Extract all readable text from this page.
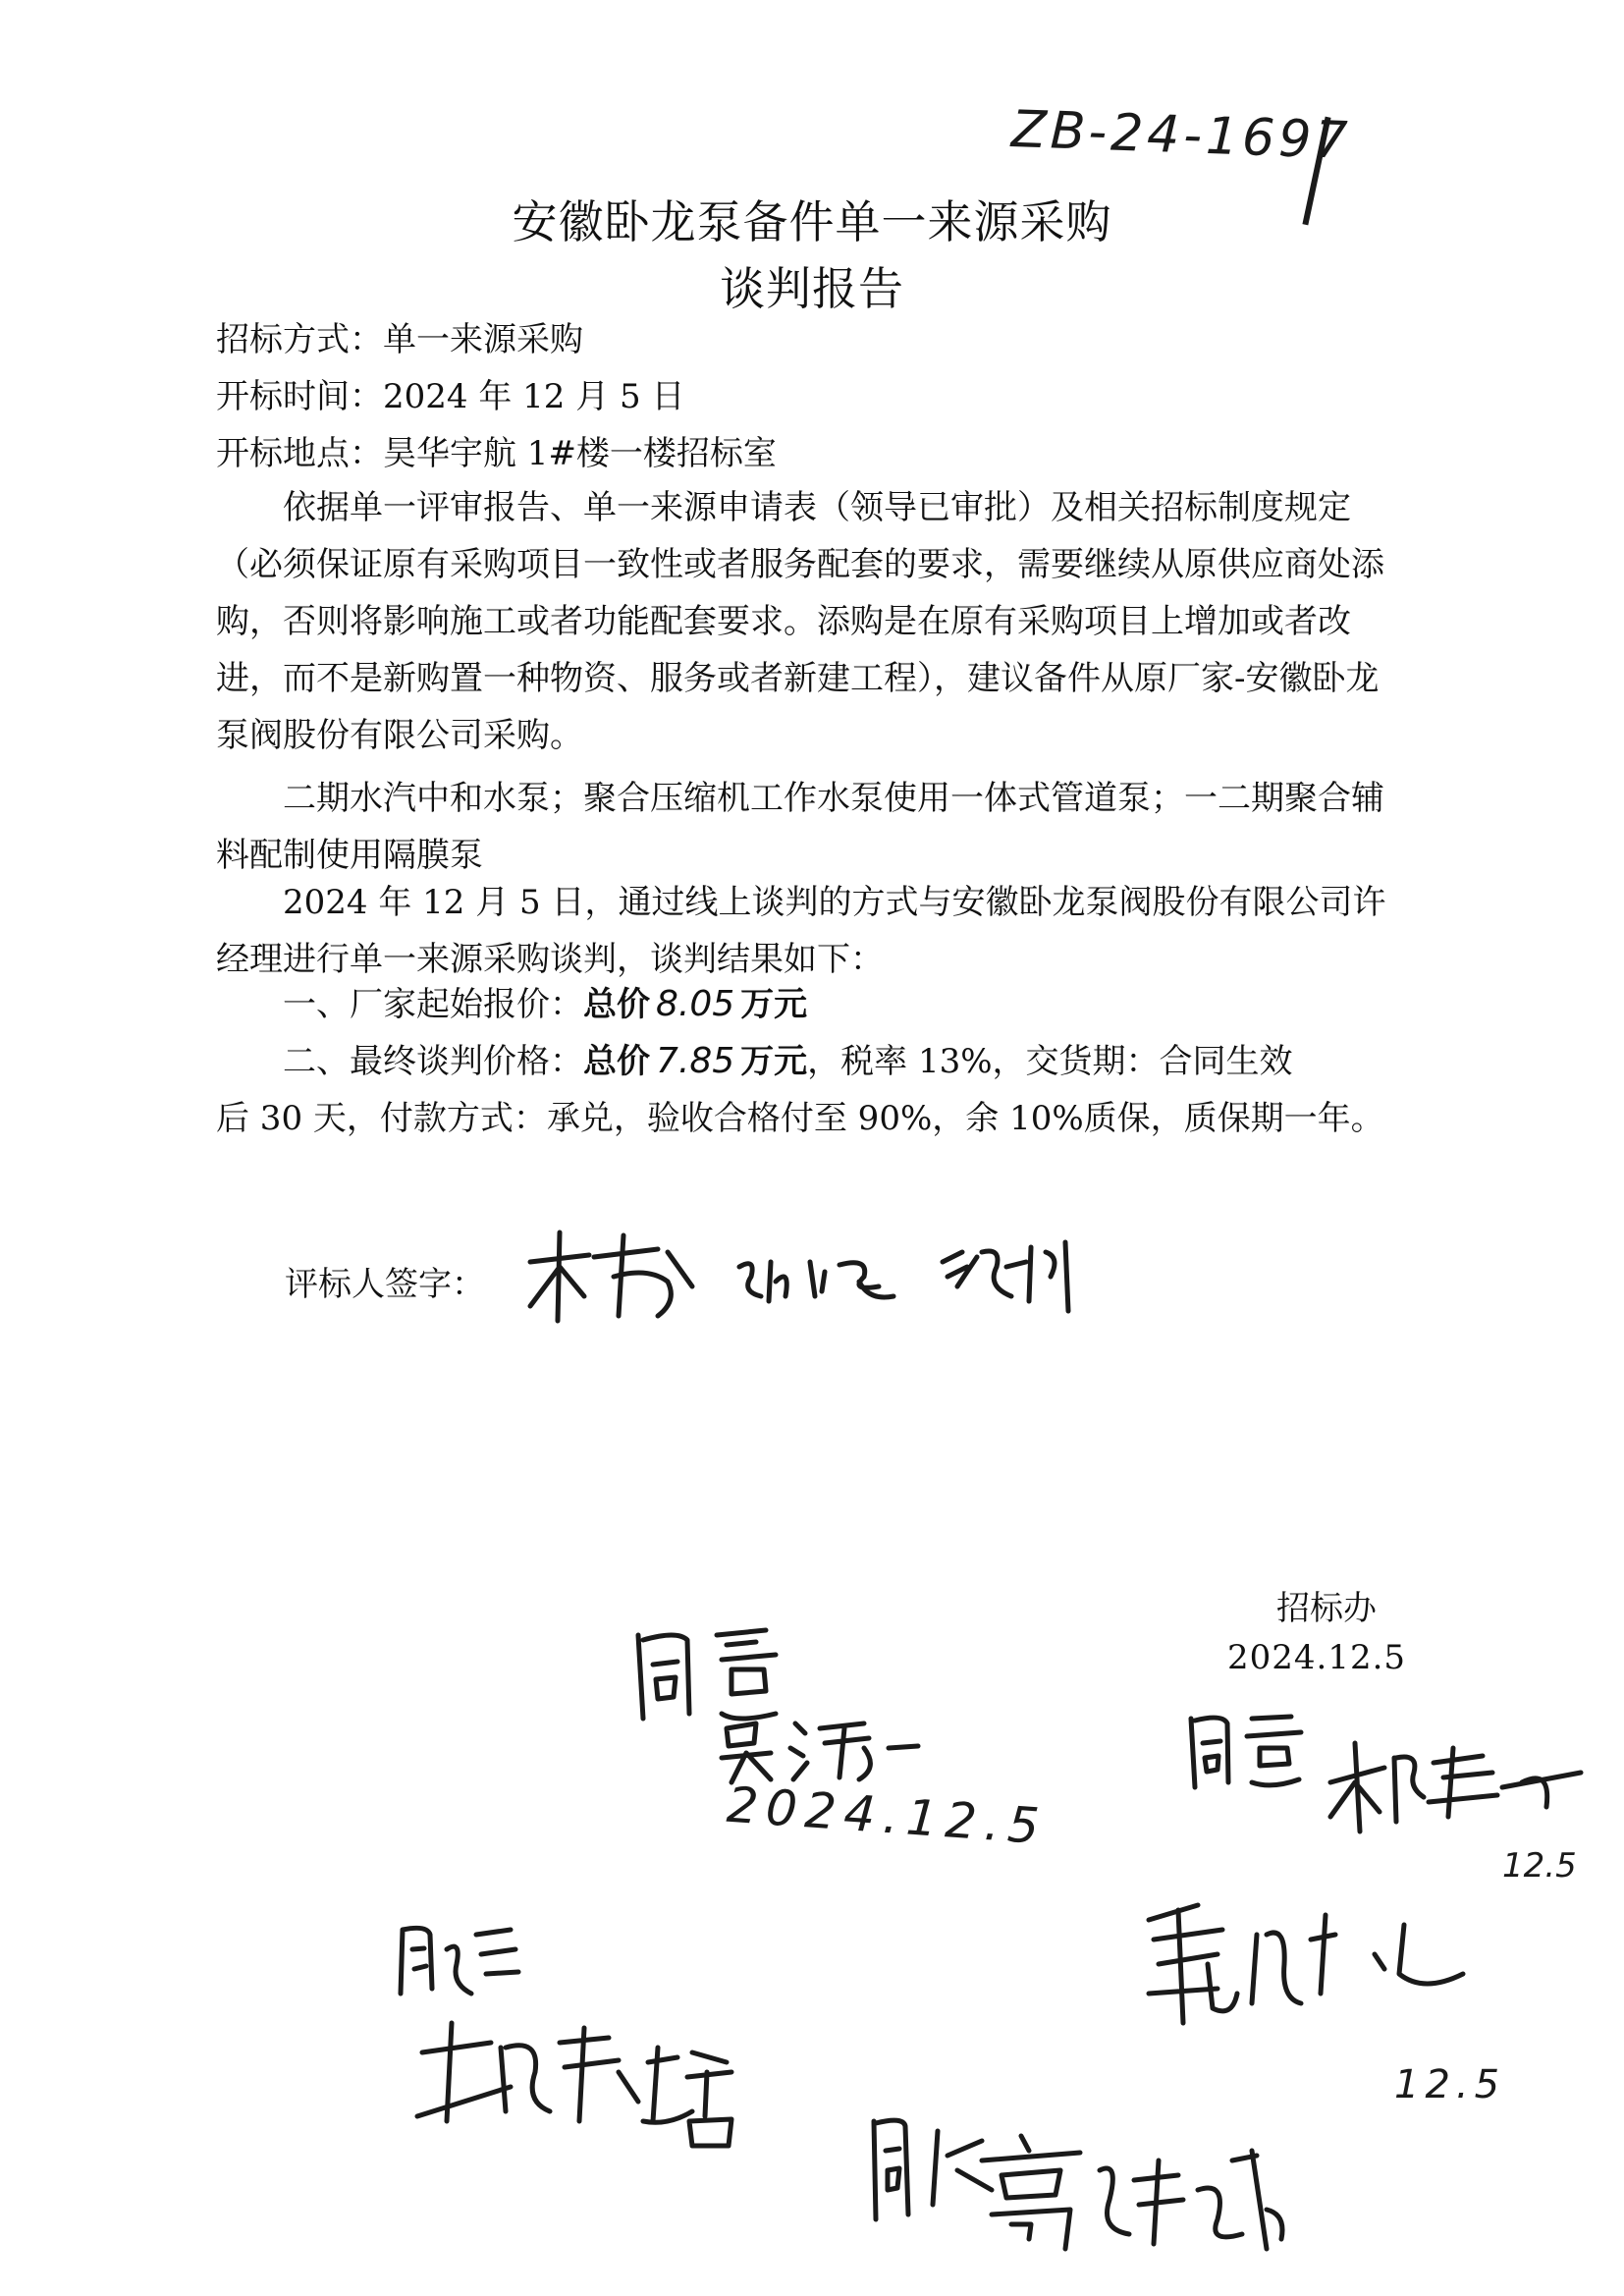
ZB-24-1697
安徽卧龙泵备件单一来源采购
谈判报告
招标方式：单一来源采购
开标时间：2024 年 12 月 5 日
开标地点：昊华宇航 1#楼一楼招标室
依据单一评审报告、单一来源申请表（领导已审批）及相关招标制度规定（必须保证原有采购项目一致性或者服务配套的要求，需要继续从原供应商处添购，否则将影响施工或者功能配套要求。添购是在原有采购项目上增加或者改进，而不是新购置一种物资、服务或者新建工程），建议备件从原厂家-安徽卧龙泵阀股份有限公司采购。
二期水汽中和水泵；聚合压缩机工作水泵使用一体式管道泵；一二期聚合辅料配制使用隔膜泵
2024 年 12 月 5 日，通过线上谈判的方式与安徽卧龙泵阀股份有限公司许经理进行单一来源采购谈判，谈判结果如下：
一、厂家起始报价：总价 8.05 万元
二、最终谈判价格：总价 7.85 万元，税率 13%，交货期：合同生效
后 30 天，付款方式：承兑，验收合格付至 90%，余 10%质保，质保期一年。
评标人签字：
招标办
2024.12.5
2024.12.5
12.5
12.5
